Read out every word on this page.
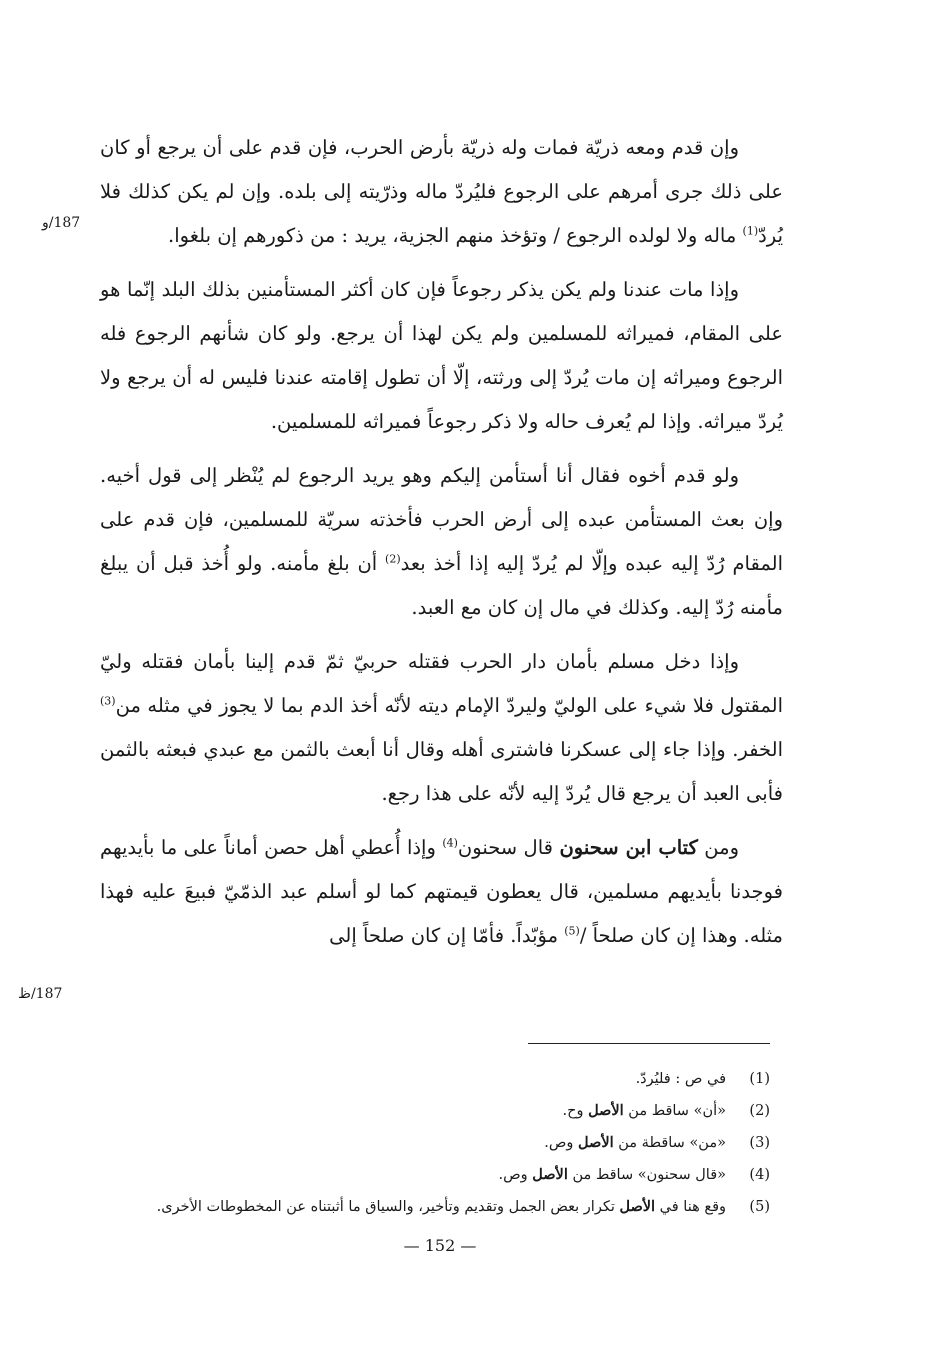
وإن قدم ومعه ذريّة فمات وله ذريّة بأرض الحرب، فإن قدم على أن يرجع أو كان على ذلك جرى أمرهم على الرجوع فليُردّ ماله وذرّيته إلى بلده. وإن لم يكن كذلك فلا يُردّ$^{(1)}$ ماله ولا لولده الرجوع / وتؤخذ منهم الجزية، يريد : من ذكورهم إن بلغوا.

وإذا مات عندنا ولم يكن يذكر رجوعاً فإن كان أكثر المستأمنين بذلك البلد إنّما هو على المقام، فميراثه للمسلمين ولم يكن لهذا أن يرجع. ولو كان شأنهم الرجوع فله الرجوع وميراثه إن مات يُردّ إلى ورثته، إلّا أن تطول إقامته عندنا فليس له أن يرجع ولا يُردّ ميراثه. وإذا لم يُعرف حاله ولا ذكر رجوعاً فميراثه للمسلمين.

ولو قدم أخوه فقال أنا أستأمن إليكم وهو يريد الرجوع لم يُنْظر إلى قول أخيه. وإن بعث المستأمن عبده إلى أرض الحرب فأخذته سريّة للمسلمين، فإن قدم على المقام رُدّ إليه عبده وإلّا لم يُردّ إليه إذا أخذ بعد$^{(2)}$ أن بلغ مأمنه. ولو أُخذ قبل أن يبلغ مأمنه رُدّ إليه. وكذلك في مال إن كان مع العبد.

وإذا دخل مسلم بأمان دار الحرب فقتله حربيّ ثمّ قدم إلينا بأمان فقتله وليّ المقتول فلا شيء على الوليّ وليردّ الإمام ديته لأنّه أخذ الدم بما لا يجوز في مثله من$^{(3)}$ الخفر. وإذا جاء إلى عسكرنا فاشترى أهله وقال أنا أبعث بالثمن مع عبدي فبعثه بالثمن فأبى العبد أن يرجع قال يُردّ إليه لأنّه على هذا رجع.

ومن كتاب ابن سحنون قال سحنون$^{(4)}$ وإذا أُعطي أهل حصن أماناً على ما بأيديهم فوجدنا بأيديهم مسلمين، قال يعطون قيمتهم كما لو أسلم عبد الذمّيّ فبيعَ عليه فهذا مثله. وهذا إن كان صلحاً /$^{(5)}$ مؤبّداً. فأمّا إن كان صلحاً إلى

187/و
187/ظ
(1)
في ص : فليُردّ.
(2)
«أن» ساقط من الأصل وح.
(3)
«من» ساقطة من الأصل وص.
(4)
«قال سحنون» ساقط من الأصل وص.
(5)
وقع هنا في الأصل تكرار بعض الجمل وتقديم وتأخير، والسياق ما أثبتناه عن المخطوطات الأخرى.
— 152 —
